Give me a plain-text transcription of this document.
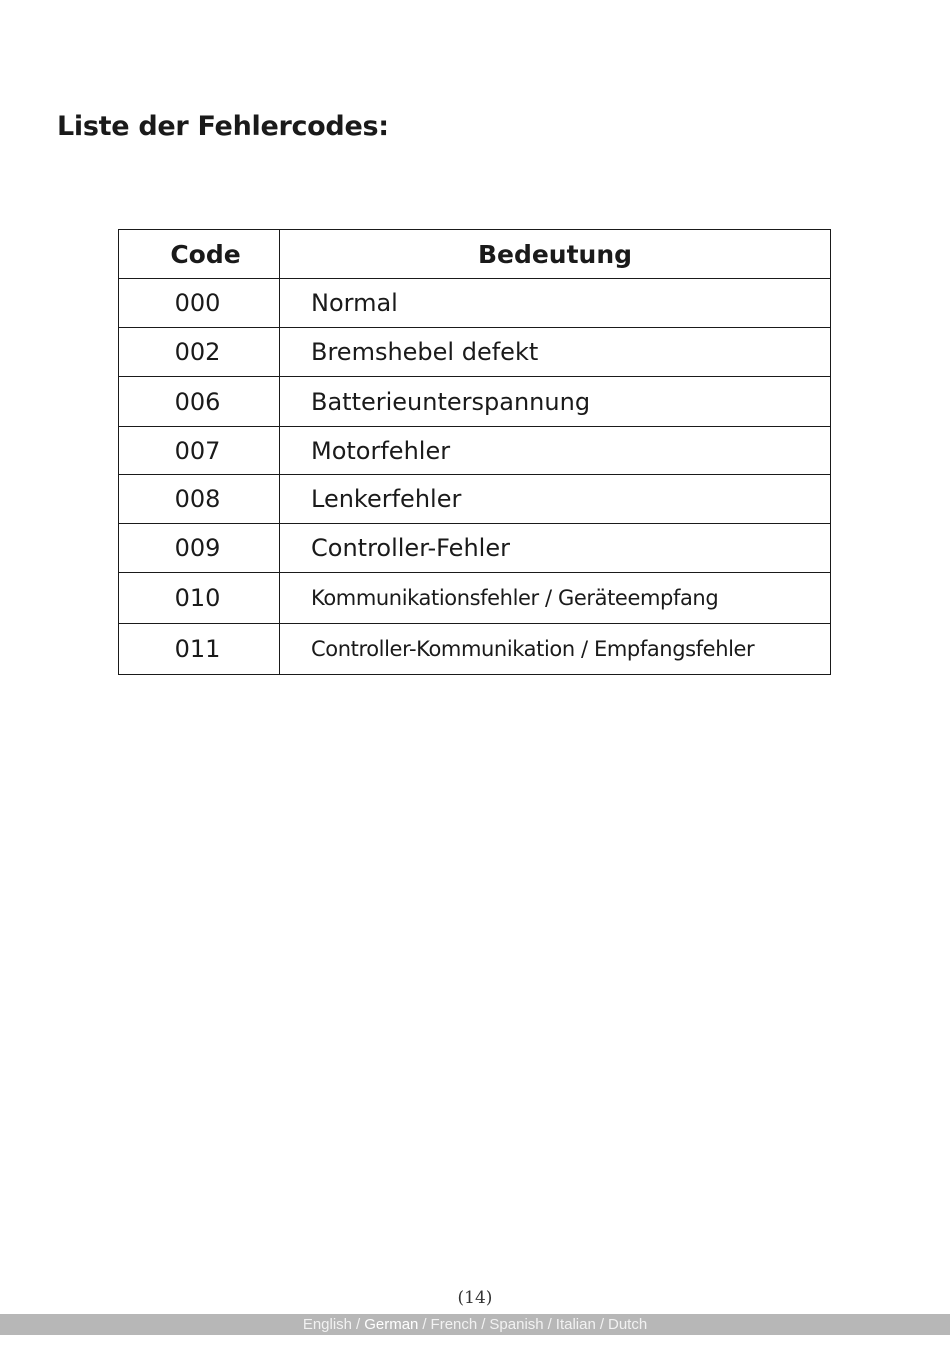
Liste der Fehlercodes:
Code	Bedeutung
000	Normal
002	Bremshebel defekt
006	Batterieunterspannung
007	Motorfehler
008	Lenkerfehler
009	Controller-Fehler
010	Kommunikationsfehler / Geräteempfang
011	Controller-Kommunikation / Empfangsfehler
(14)
English / German / French / Spanish / Italian / Dutch
